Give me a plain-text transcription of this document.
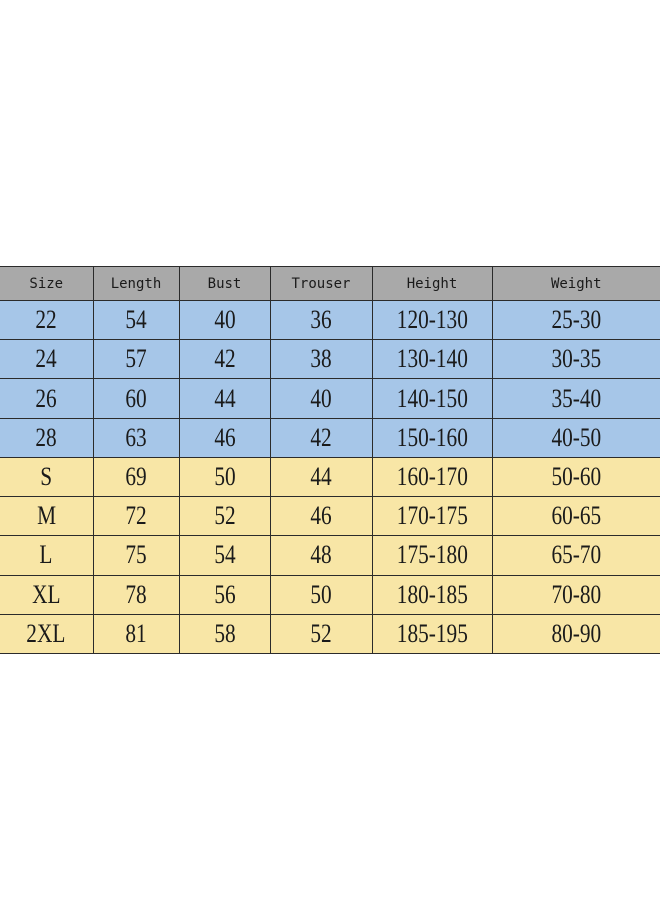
Size	Length	Bust	Trouser	Height	Weight
22	54	40	36	120-130	25-30
24	57	42	38	130-140	30-35
26	60	44	40	140-150	35-40
28	63	46	42	150-160	40-50
S	69	50	44	160-170	50-60
M	72	52	46	170-175	60-65
L	75	54	48	175-180	65-70
XL	78	56	50	180-185	70-80
2XL	81	58	52	185-195	80-90
